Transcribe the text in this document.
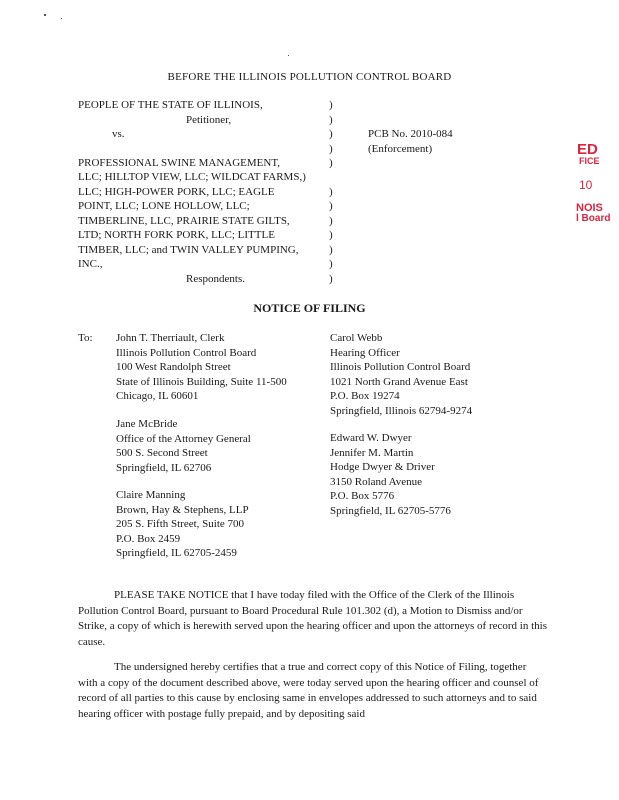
BEFORE THE ILLINOIS POLLUTION CONTROL BOARD
PEOPLE OF THE STATE OF ILLINOIS,
Petitioner,
vs.
PROFESSIONAL SWINE MANAGEMENT,
LLC; HILLTOP VIEW, LLC; WILDCAT FARMS,)
LLC; HIGH-POWER PORK, LLC; EAGLE
POINT, LLC; LONE HOLLOW, LLC;
TIMBERLINE, LLC, PRAIRIE STATE GILTS,
LTD; NORTH FORK PORK, LLC; LITTLE
TIMBER, LLC; and TWIN VALLEY PUMPING,
INC.,
Respondents.
)
)
)
)
)
)
)
)
)
)
)
)
PCB No. 2010-084
(Enforcement)	ED
FICE
10
NOIS
l Board
NOTICE OF FILING
To: John T. Therriault, Clerk
Illinois Pollution Control Board
100 West Randolph Street
State of Illinois Building, Suite 11-500
Chicago, IL 60601
Jane McBride
Office of the Attorney General
500 S. Second Street
Springfield, IL 62706
Claire Manning
Brown, Hay & Stephens, LLP
205 S. Fifth Street, Suite 700
P.O. Box 2459
Springfield, IL 62705-2459
Carol Webb
Hearing Officer
Illinois Pollution Control Board
1021 North Grand Avenue East
P.O. Box 19274
Springfield, Illinois 62794-9274
Edward W. Dwyer
Jennifer M. Martin
Hodge Dwyer & Driver
3150 Roland Avenue
P.O. Box 5776
Springfield, IL 62705-5776
PLEASE TAKE NOTICE that I have today filed with the Office of the Clerk of the Illinois Pollution Control Board, pursuant to Board Procedural Rule 101.302 (d), a Motion to Dismiss and/or Strike, a copy of which is herewith served upon the hearing officer and upon the attorneys of record in this cause.
The undersigned hereby certifies that a true and correct copy of this Notice of Filing, together with a copy of the document described above, were today served upon the hearing officer and counsel of record of all parties to this cause by enclosing same in envelopes addressed to such attorneys and to said hearing officer with postage fully prepaid, and by depositing said
